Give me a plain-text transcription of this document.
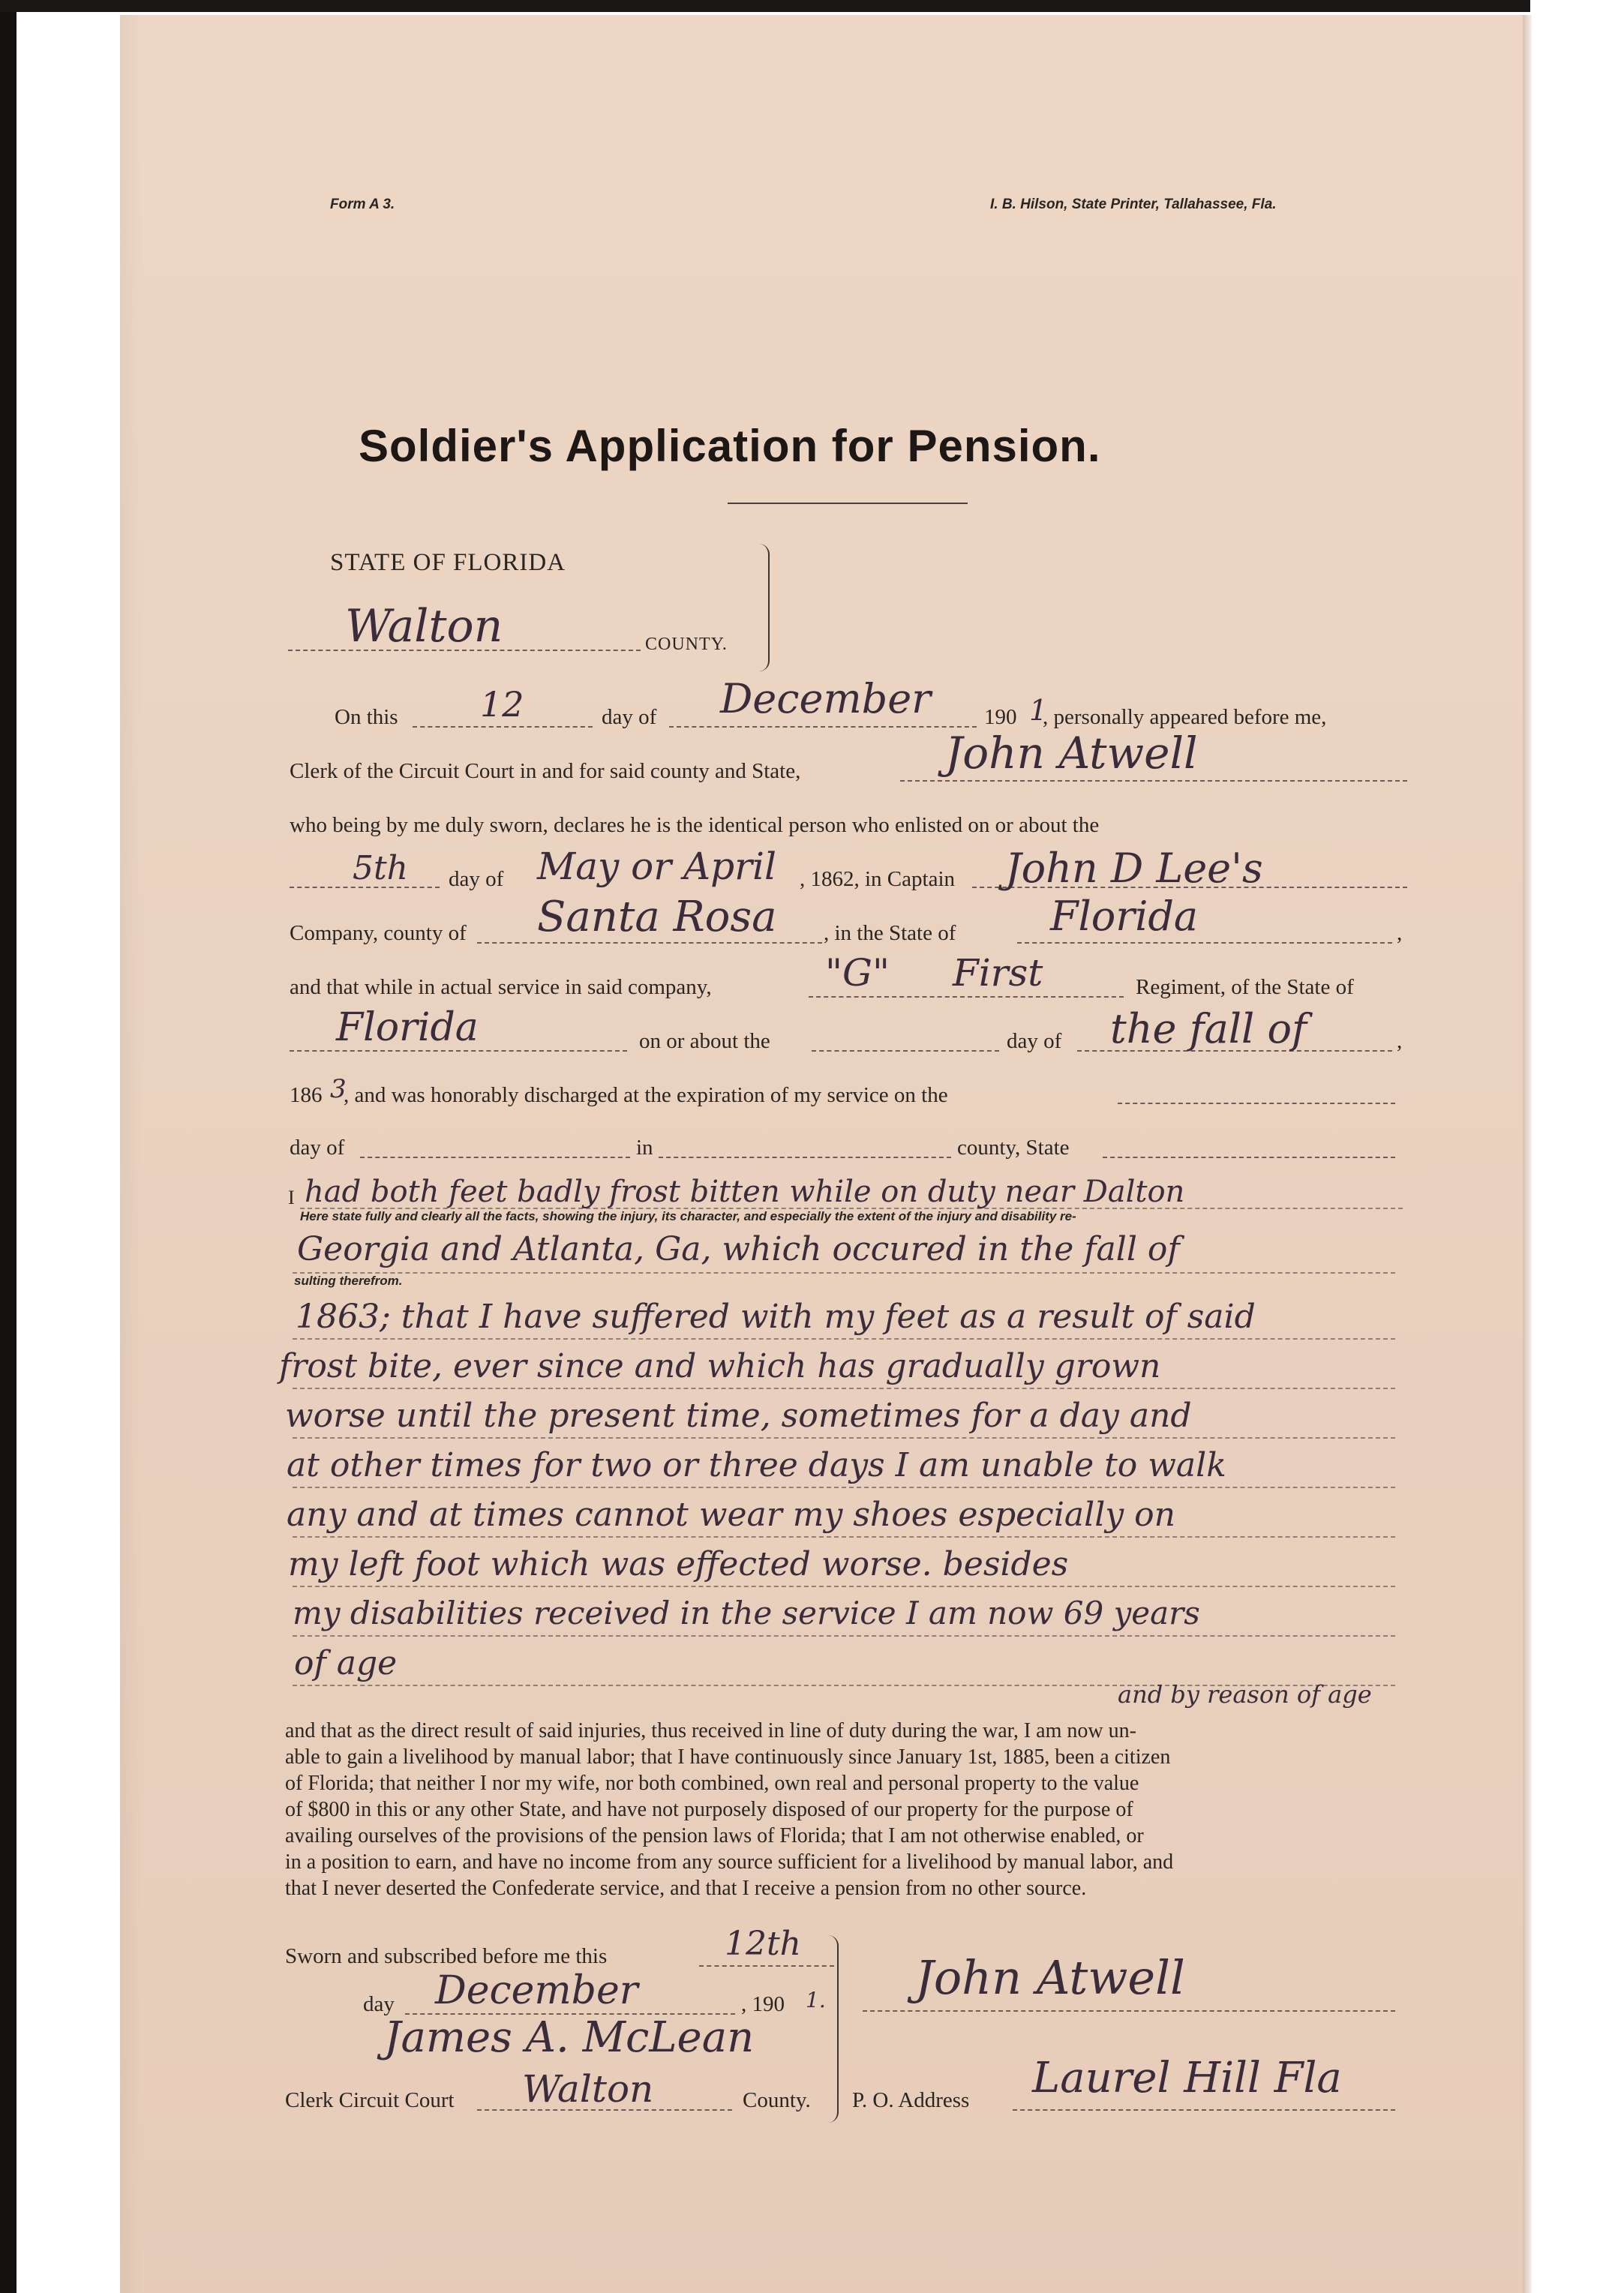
Form A 3.	I. B. Hilson, State Printer, Tallahassee, Fla.
Soldier's Application for Pension.
STATE OF FLORIDA
Walton	COUNTY.
On this 12	day of December 190 1
, personally appeared before me,
Clerk of the Circuit Court in and for said county and State,	John Atwell
who being by me duly sworn, declares he is the identical person who enlisted on or about the
5th day of May or April , 1862, in Captain John D Lee's
Company, county of Santa Rosa , in the State of Florida	,
and that while in actual service in said company,	"G" First	Regiment, of the State of
Florida	on or about the	day of the fall of	,
186 3
, and was honorably discharged at the expiration of my service on the
day of	in	county, State
I
Here state fully and clearly all the facts, showing the injury, its character, and especially the extent of the injury and disability re-
sulting therefrom.
had both feet badly frost bitten while on duty near Dalton
Georgia and Atlanta, Ga, which occured in the fall of
1863; that I have suffered with my feet as a result of said
frost bite, ever since and which has gradually grown
worse until the present time, sometimes for a day and
at other times for two or three days I am unable to walk
any and at times cannot wear my shoes especially on
my left foot which was effected worse. besides
my disabilities received in the service I am now 69 years
of age
and by reason of age
and that as the direct result of said injuries, thus received in line of duty during the war, I am now un-
able to gain a livelihood by manual labor; that I have continuously since January 1st, 1885, been a citizen
of Florida; that neither I nor my wife, nor both combined, own real and personal property to the value
of $800 in this or any other State, and have not purposely disposed of our property for the purpose of
availing ourselves of the provisions of the pension laws of Florida; that I am not otherwise enabled, or
in a position to earn, and have no income from any source sufficient for a livelihood by manual labor, and
that I never deserted the Confederate service, and that I receive a pension from no other source.
Sworn and subscribed before me this	12th
day December	, 190 1.
James A. McLean
Clerk Circuit Court Walton	County.
John Atwell
P. O. Address Laurel Hill Fla
